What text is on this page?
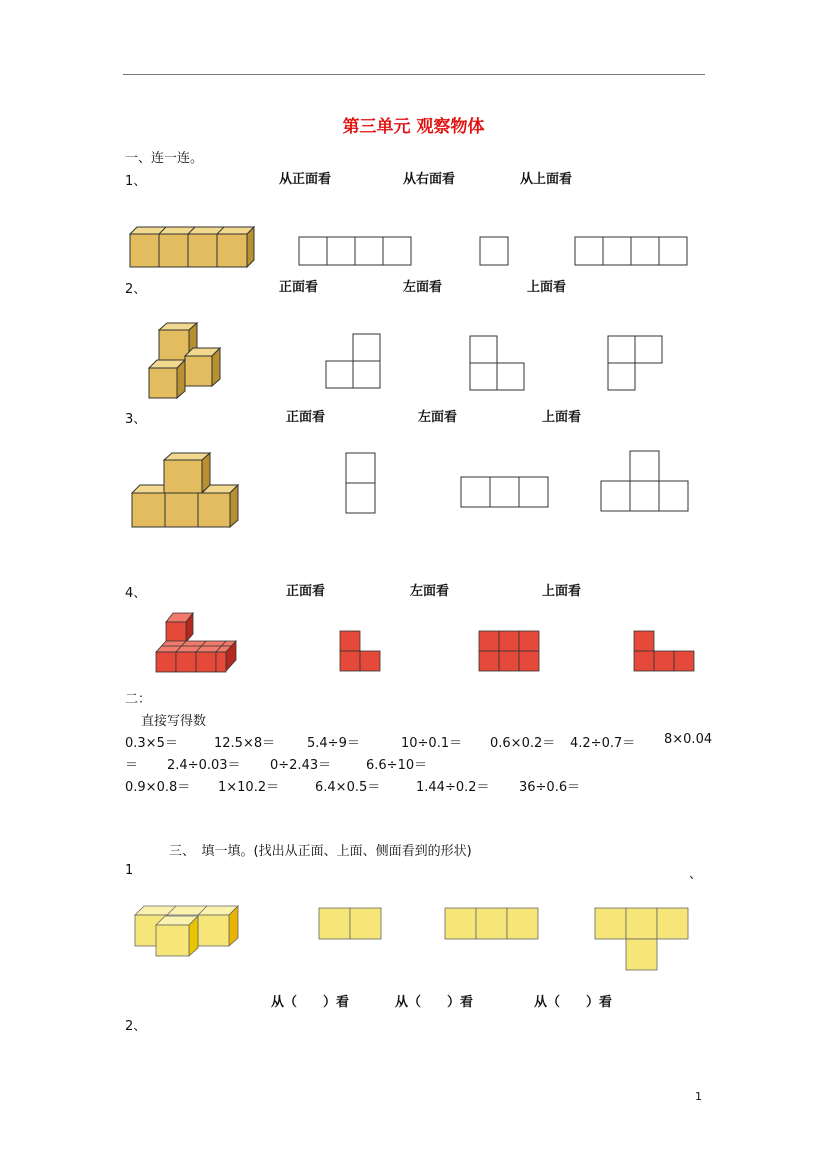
第三单元 观察物体
一、连一连。
1、	从正面看	从右面看	从上面看
2、	正面看	左面看	上面看
3、	正面看	左面看	上面看
4、	正面看	左面看	上面看
二：
直接写得数
0.3×5＝	12.5×8＝ 5.4÷9＝	10÷0.1＝ 0.6×0.2＝ 4.2÷0.7＝ 8×0.04
＝ 2.4÷0.03＝ 0÷2.43＝	6.6÷10＝
0.9×0.8＝ 1×10.2＝	6.4×0.5＝	1.44÷0.2＝ 36÷0.6＝
三、　填一填。(找出从正面、上面、侧面看到的形状)
1	、
从（　　）看	从（　　）看	从（　　）看
2、
1
